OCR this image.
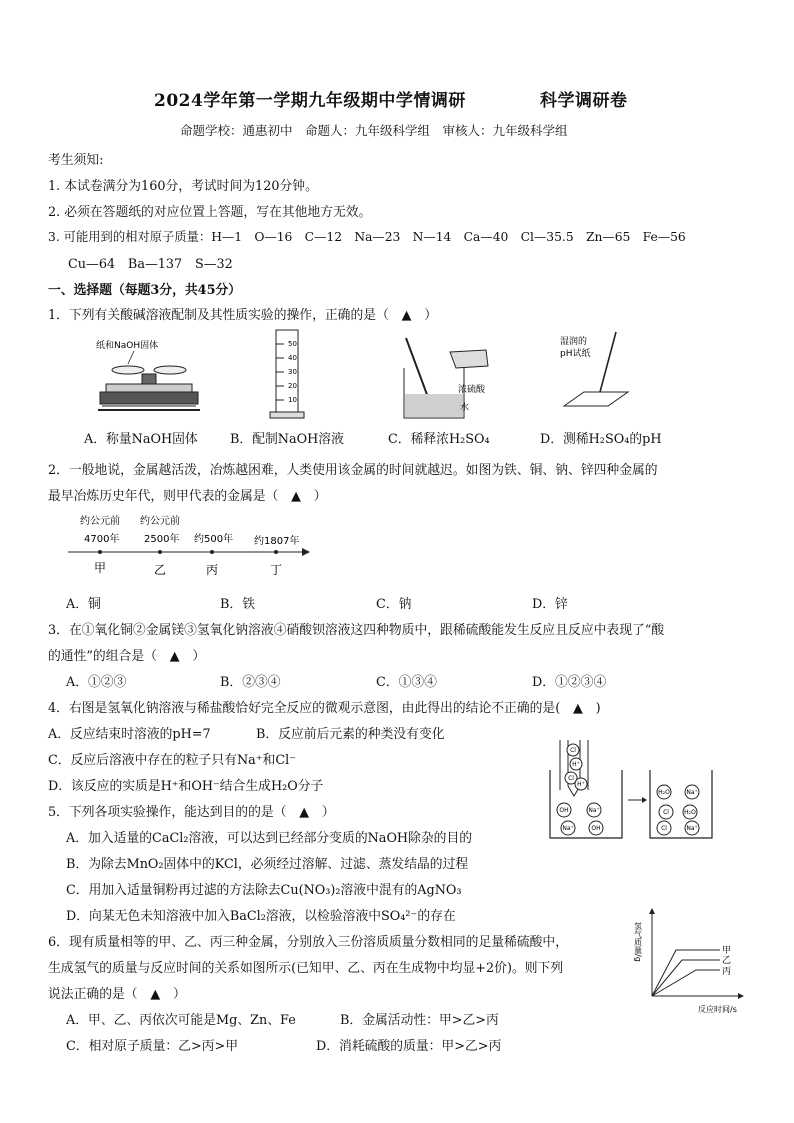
2024学年第一学期九年级期中学情调研	科学调研卷
命题学校：通惠初中　命题人：九年级科学组　审核人：九年级科学组
考生须知:
1. 本试卷满分为160分，考试时间为120分钟。
2. 必须在答题纸的对应位置上答题，写在其他地方无效。
3. 可能用到的相对原子质量：H—1　O—16　C—12　Na—23　N—14　Ca—40　Cl—35.5　Zn—65　Fe—56
Cu—64　Ba—137　S—32
一、选择题（每题3分，共45分）
1．下列有关酸碱溶液配制及其性质实验的操作，正确的是（　▲　）
纸和NaOH固体	50
40
30
20
10
浓硫酸
水
湿润的
pH试纸
A．称量NaOH固体	B．配制NaOH溶液	C．稀释浓H₂SO₄	D．测稀H₂SO₄的pH
2．一般地说，金属越活泼，冶炼越困难，人类使用该金属的时间就越迟。如图为铁、铜、钠、锌四种金属的
最早冶炼历史年代，则甲代表的金属是（　▲　）
约公元前
4700年
约公元前
2500年 约500年 约1807年
甲	乙	丙	丁
A．铜	B．铁	C．钠	D．锌
3．在①氧化铜②金属镁③氢氧化钠溶液④硝酸钡溶液这四种物质中，跟稀硫酸能发生反应且反应中表现了“酸
的通性”的组合是（　▲　）
A．①②③	B．②③④	C．①③④	D．①②③④
4．右图是氢氧化钠溶液与稀盐酸恰好完全反应的微观示意图，由此得出的结论不正确的是(　▲　)
A．反应结束时溶液的pH=7	B．反应前后元素的种类没有变化
C．反应后溶液中存在的粒子只有Na⁺和Cl⁻
D．该反应的实质是H⁺和OH⁻结合生成H₂O分子
Cl
H⁺
Cl
H⁺
OH	Na⁺
Na⁺	OH
H₂O	Na⁺
Cl	H₂O
Cl	Na⁺
5．下列各项实验操作，能达到目的的是（　▲　）
A．加入适量的CaCl₂溶液，可以达到已经部分变质的NaOH除杂的目的
B．为除去MnO₂固体中的KCl，必须经过溶解、过滤、蒸发结晶的过程
C．用加入适量铜粉再过滤的方法除去Cu(NO₃)₂溶液中混有的AgNO₃
D．向某无色未知溶液中加入BaCl₂溶液，以检验溶液中SO₄²⁻的存在
6．现有质量相等的甲、乙、丙三种金属，分别放入三份溶质质量分数相同的足量稀硫酸中，
生成氢气的质量与反应时间的关系如图所示(已知甲、乙、丙在生成物中均显+2价)。则下列
说法正确的是（　▲　）
A．甲、乙、丙依次可能是Mg、Zn、Fe	B．金属活动性：甲>乙>丙
C．相对原子质量：乙>丙>甲	D．消耗硫酸的质量：甲>乙>丙
氢气质量/g
反应时间/s
甲
乙
丙
